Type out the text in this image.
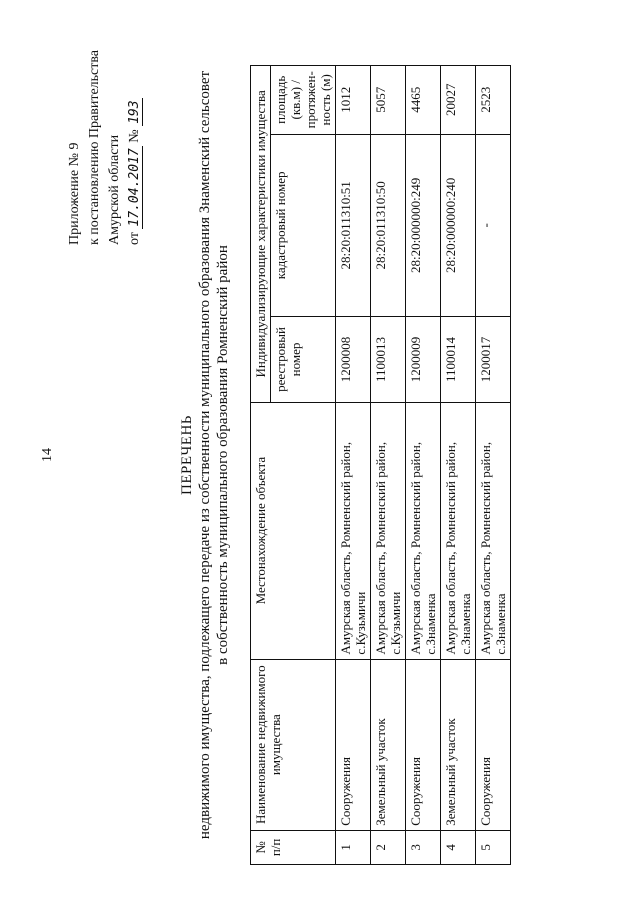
14
Приложение № 9 к постановлению Правительства Амурской области от 17.04.2017 № 193
ПЕРЕЧЕНЬ недвижимого имущества, подлежащего передаче из собственности муниципального образования Знаменский сельсовет в собственность муниципального образования Ромненский район
№ п/п	Наименование недвижимого имущества	Местонахождение объекта	Индивидуализирующие характеристики имущества		
			реестровый номер	кадастровый номер	площадь (кв.м) / протяжен-ность (м)
1	Сооружения	Амурская область, Ромненский район, с.Кузьмичи	1200008	28:20:011310:51	1012
2	Земельный участок	Амурская область, Ромненский район, с.Кузьмичи	1100013	28:20:011310:50	5057
3	Сооружения	Амурская область, Ромненский район, с.Знаменка	1200009	28:20:000000:249	4465
4	Земельный участок	Амурская область, Ромненский район, с.Знаменка	1100014	28:20:000000:240	20027
5	Сооружения	Амурская область, Ромненский район, с.Знаменка	1200017	-	2523
